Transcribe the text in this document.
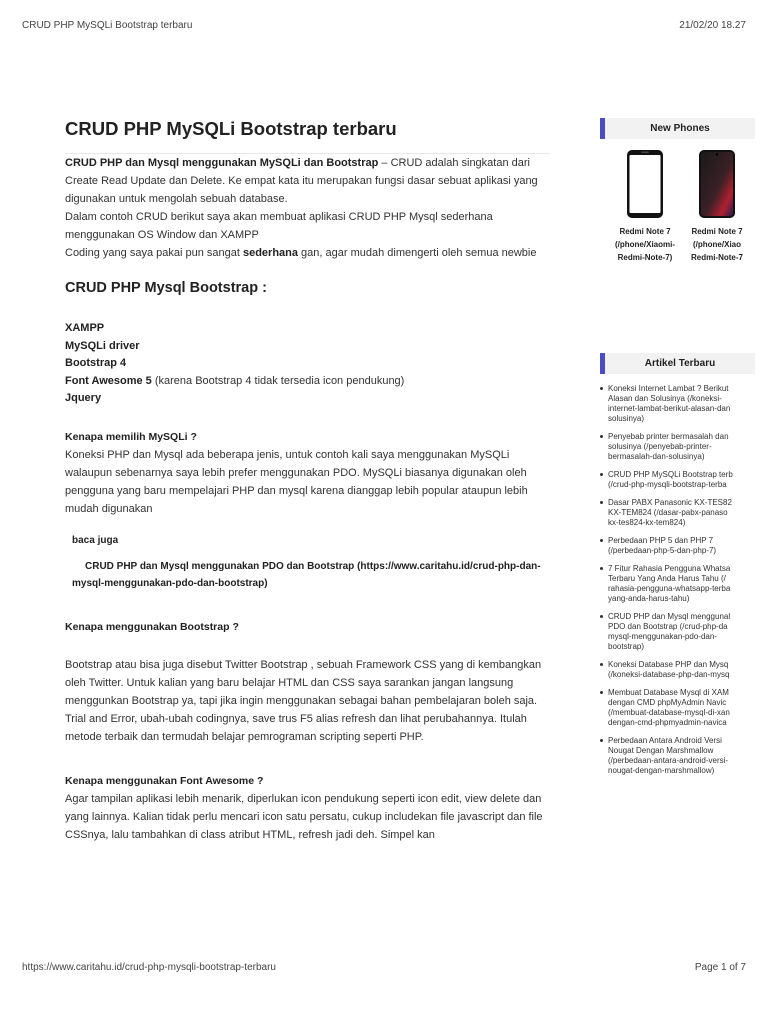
CRUD PHP MySQLi Bootstrap terbaru	21/02/20 18.27
CRUD PHP MySQLi Bootstrap terbaru

CRUD PHP dan Mysql menggunakan MySQLi dan Bootstrap – CRUD adalah singkatan dari Create Read Update dan Delete. Ke empat kata itu merupakan fungsi dasar sebuat aplikasi yang digunakan untuk mengolah sebuah database.

Dalam contoh CRUD berikut saya akan membuat aplikasi CRUD PHP Mysql sederhana menggunakan OS Window dan XAMPP

Coding yang saya pakai pun sangat sederhana gan, agar mudah dimengerti oleh semua newbie

CRUD PHP Mysql Bootstrap :
XAMPP
MySQLi driver
Bootstrap 4
Font Awesome 5 (karena Bootstrap 4 tidak tersedia icon pendukung)
Jquery
Kenapa memilih MySQLi ?

Koneksi PHP dan Mysql ada beberapa jenis, untuk contoh kali saya menggunakan MySQLi walaupun sebenarnya saya lebih prefer menggunakan PDO. MySQLi biasanya digunakan oleh pengguna yang baru mempelajari PHP dan mysql karena dianggap lebih popular ataupun lebih mudah digunakan

baca juga
CRUD PHP dan Mysql menggunakan PDO dan Bootstrap (https://www.caritahu.id/crud-php-dan-mysql-menggunakan-pdo-dan-bootstrap)
Kenapa menggunakan Bootstrap ?

Bootstrap atau bisa juga disebut Twitter Bootstrap , sebuah Framework CSS yang di kembangkan oleh Twitter. Untuk kalian yang baru belajar HTML dan CSS saya sarankan jangan langsung menggunkan Bootstrap ya, tapi jika ingin menggunakan sebagai bahan pembelajaran boleh saja.

Trial and Error, ubah-ubah codingnya, save trus F5 alias refresh dan lihat perubahannya. Itulah metode terbaik dan termudah belajar pemrograman scripting seperti PHP.

Kenapa menggunakan Font Awesome ?

Agar tampilan aplikasi lebih menarik, diperlukan icon pendukung seperti icon edit, view delete dan yang lainnya. Kalian tidak perlu mencari icon satu persatu, cukup includekan file javascript dan file CSSnya, lalu tambahkan di class atribut HTML, refresh jadi deh. Simpel kan

New Phones
Redmi Note 7
(/phone/Xiaomi-
Redmi-Note-7)
Redmi Note 7
(/phone/Xiao
Redmi-Note-7
Artikel Terbaru
Koneksi Internet Lambat ? Berikut
Alasan dan Solusinya (/koneksi-
internet-lambat-berikut-alasan-dan
solusinya)
Penyebab printer bermasalah dan
solusinya (/penyebab-printer-
bermasalah-dan-solusinya)
CRUD PHP MySQLi Bootstrap terb
(/crud-php-mysqli-bootstrap-terba
Dasar PABX Panasonic KX-TES82
KX-TEM824 (/dasar-pabx-panaso
kx-tes824-kx-tem824)
Perbedaan PHP 5 dan PHP 7
(/perbedaan-php-5-dan-php-7)
7 Fitur Rahasia Pengguna Whatsa
Terbaru Yang Anda Harus Tahu (/
rahasia-pengguna-whatsapp-terba
yang-anda-harus-tahu)
CRUD PHP dan Mysql menggunal
PDO dan Bootstrap (/crud-php-da
mysql-menggunakan-pdo-dan-
bootstrap)
Koneksi Database PHP dan Mysq
(/koneksi-database-php-dan-mysq
Membuat Database Mysql di XAM
dengan CMD phpMyAdmin Navic
(/membuat-database-mysql-di-xan
dengan-cmd-phpmyadmin-navica
Perbedaan Antara Android Versi
Nougat Dengan Marshmallow
(/perbedaan-antara-android-versi-
nougat-dengan-marshmallow)
https://www.caritahu.id/crud-php-mysqli-bootstrap-terbaru	Page 1 of 7
